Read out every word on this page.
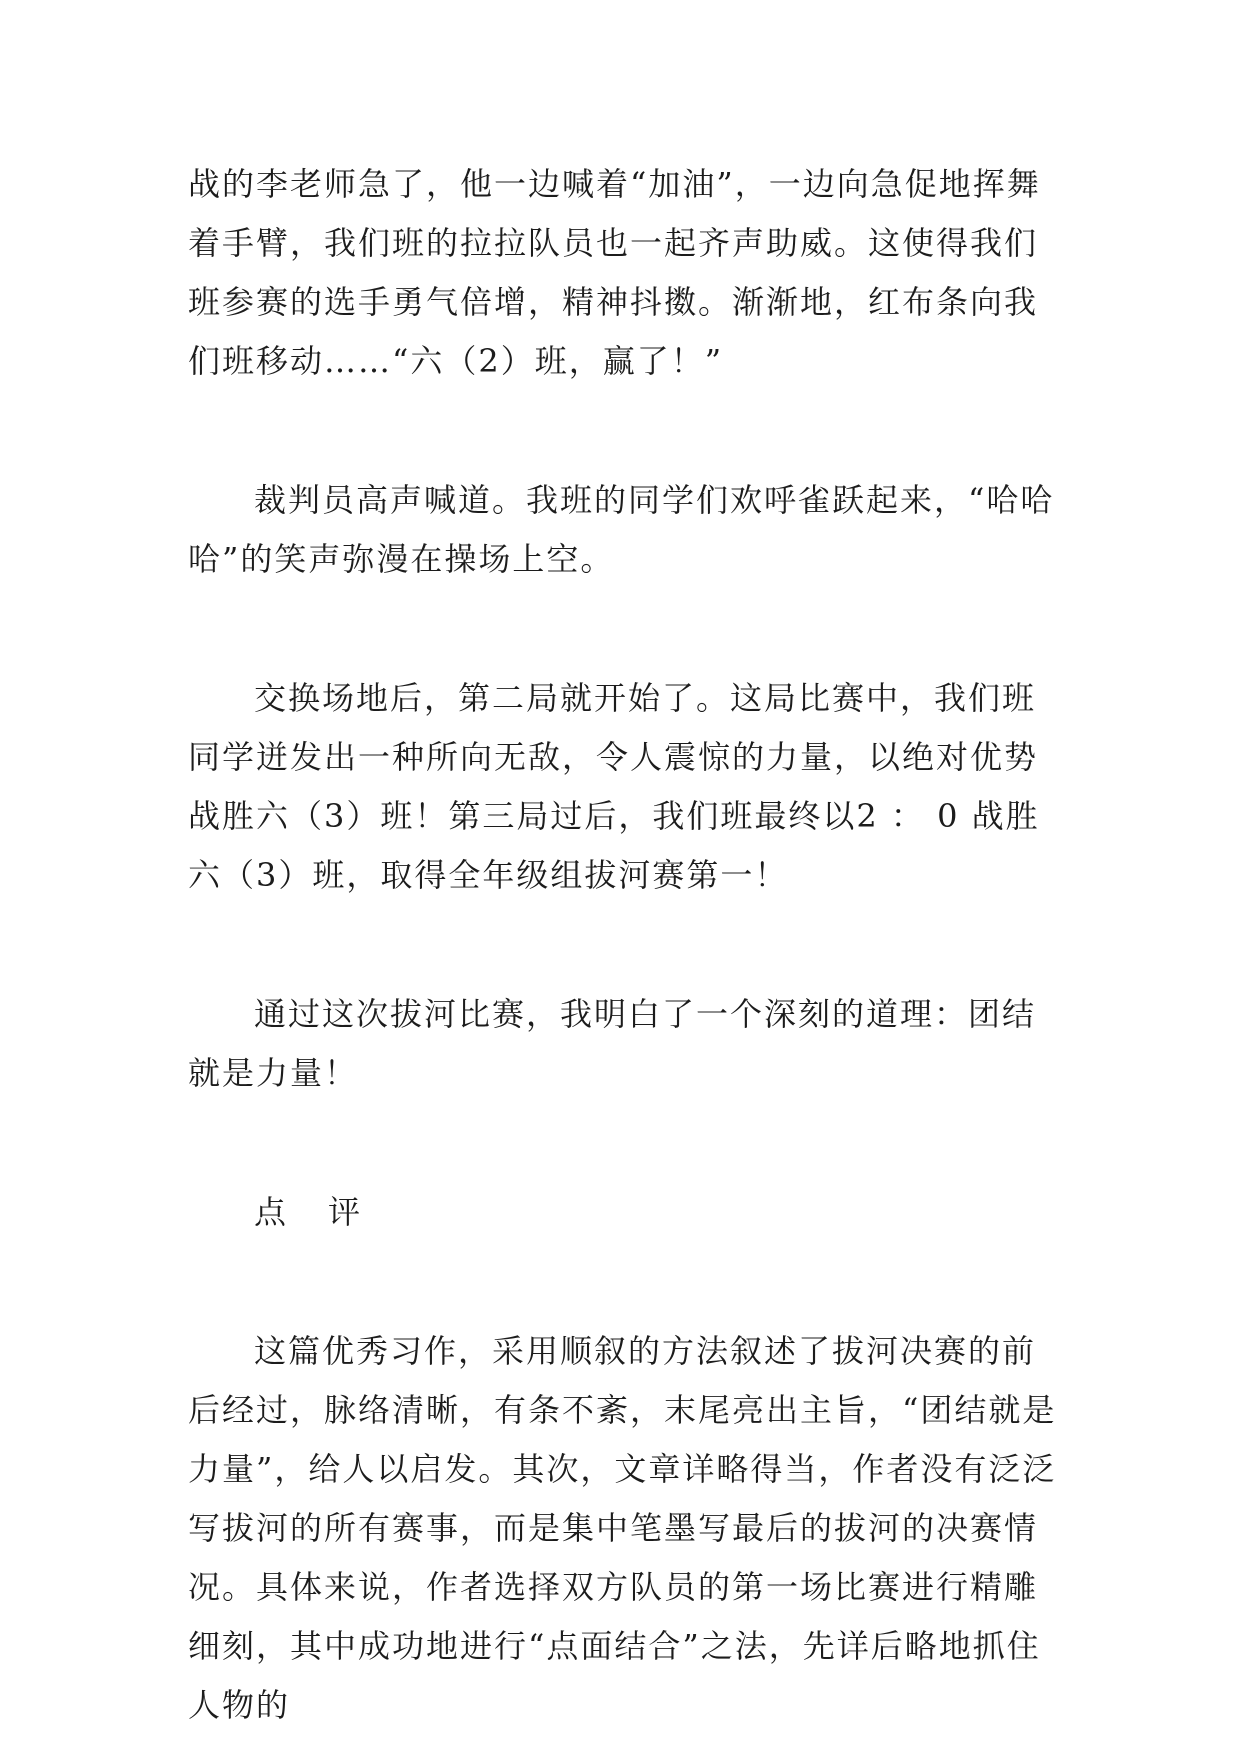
战的李老师急了，他一边喊着“加油”，一边向急促地挥舞着手臂，我们班的拉拉队员也一起齐声助威。这使得我们班参赛的选手勇气倍增，精神抖擞。渐渐地，红布条向我们班移动……“六（2）班，赢了！”

裁判员高声喊道。我班的同学们欢呼雀跃起来，“哈哈哈”的笑声弥漫在操场上空。

交换场地后，第二局就开始了。这局比赛中，我们班同学迸发出一种所向无敌，令人震惊的力量，以绝对优势战胜六（3）班！第三局过后，我们班最终以2 ： 0 战胜六（3）班，取得全年级组拔河赛第一！

通过这次拔河比赛，我明白了一个深刻的道理：团结就是力量！

点 评

这篇优秀习作，采用顺叙的方法叙述了拔河决赛的前后经过，脉络清晰，有条不紊，末尾亮出主旨，“团结就是力量”，给人以启发。其次，文章详略得当，作者没有泛泛写拔河的所有赛事，而是集中笔墨写最后的拔河的决赛情况。具体来说，作者选择双方队员的第一场比赛进行精雕细刻，其中成功地进行“点面结合”之法，先详后略地抓住人物的
